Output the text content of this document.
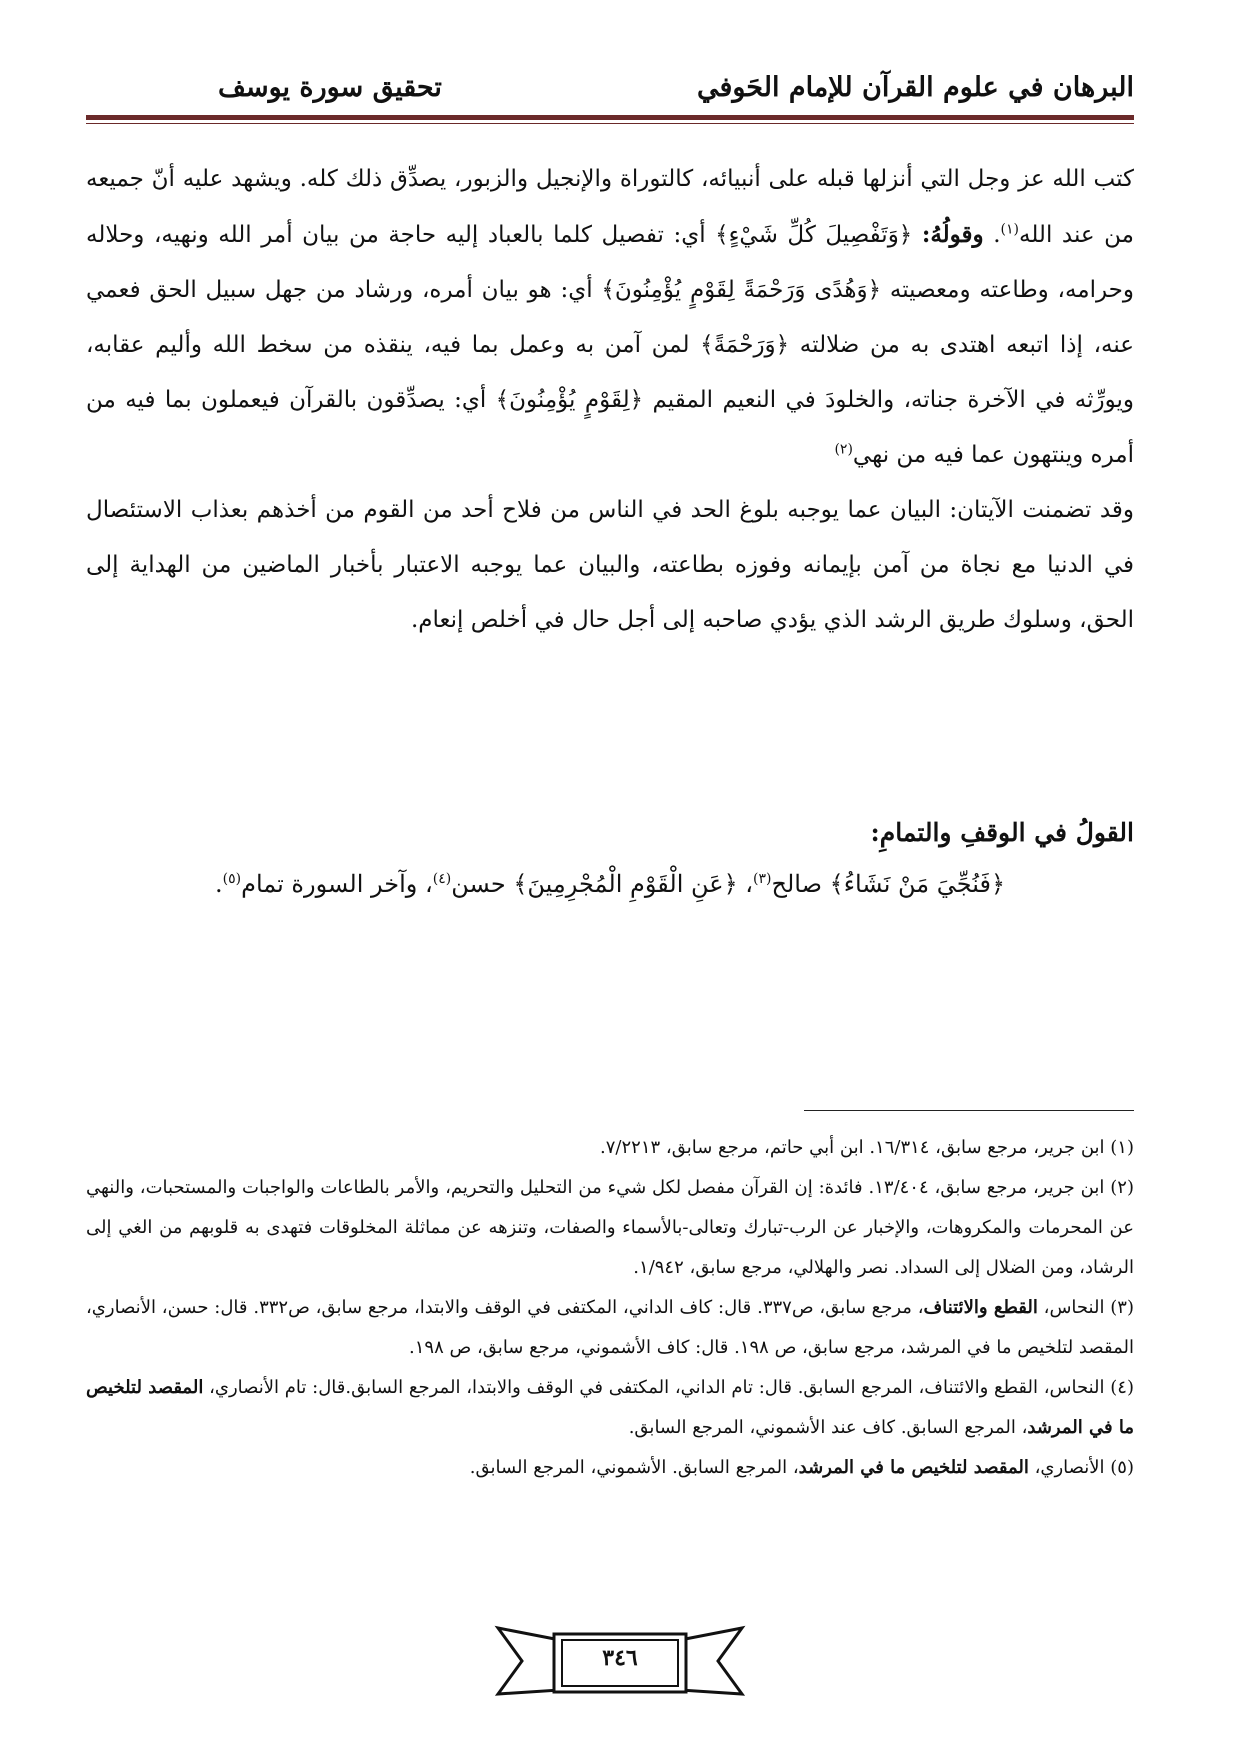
البرهان في علوم القرآن للإمام الحَوفي
تحقيق سورة يوسف

كتب الله عز وجل التي أنزلها قبله على أنبيائه، كالتوراة والإنجيل والزبور، يصدِّق ذلك كله. ويشهد عليه أنّ جميعه من عند الله$^{(١)}$. وقولُهُ: ﴿وَتَفْصِيلَ كُلِّ شَيْءٍ﴾ أي: تفصيل كلما بالعباد إليه حاجة من بيان أمر الله ونهيه، وحلاله وحرامه، وطاعته ومعصيته ﴿وَهُدًى وَرَحْمَةً لِقَوْمٍ يُؤْمِنُونَ﴾ أي: هو بيان أمره، ورشاد من جهل سبيل الحق فعمي عنه، إذا اتبعه اهتدى به من ضلالته ﴿وَرَحْمَةً﴾ لمن آمن به وعمل بما فيه، ينقذه من سخط الله وأليم عقابه، ويورِّثه في الآخرة جناته، والخلودَ في النعيم المقيم ﴿لِقَوْمٍ يُؤْمِنُونَ﴾ أي: يصدِّقون بالقرآن فيعملون بما فيه من أمره وينتهون عما فيه من نهي$^{(٢)}$

وقد تضمنت الآيتان: البيان عما يوجبه بلوغ الحد في الناس من فلاح أحد من القوم من أخذهم بعذاب الاستئصال في الدنيا مع نجاة من آمن بإيمانه وفوزه بطاعته، والبيان عما يوجبه الاعتبار بأخبار الماضين من الهداية إلى الحق، وسلوك طريق الرشد الذي يؤدي صاحبه إلى أجل حال في أخلص إنعام.

القولُ في الوقفِ والتمامِ:
﴿فَنُجِّيَ مَنْ نَشَاءُ﴾ صالح$^{(٣)}$، ﴿عَنِ الْقَوْمِ الْمُجْرِمِينَ﴾ حسن$^{(٤)}$، وآخر السورة تمام$^{(٥)}$.

(١) ابن جرير، مرجع سابق، ١٦/٣١٤. ابن أبي حاتم، مرجع سابق، ٧/٢٢١٣.

(٢) ابن جرير، مرجع سابق، ١٣/٤٠٤. فائدة: إن القرآن مفصل لكل شيء من التحليل والتحريم، والأمر بالطاعات والواجبات والمستحبات، والنهي عن المحرمات والمكروهات، والإخبار عن الرب-تبارك وتعالى-بالأسماء والصفات، وتنزهه عن مماثلة المخلوقات فتهدى به قلوبهم من الغي إلى الرشاد، ومن الضلال إلى السداد. نصر والهلالي، مرجع سابق، ١/٩٤٢.

(٣) النحاس، القطع والائتناف، مرجع سابق، ص٣٣٧. قال: كاف الداني، المكتفى في الوقف والابتدا، مرجع سابق، ص٣٣٢. قال: حسن، الأنصاري، المقصد لتلخيص ما في المرشد، مرجع سابق، ص ١٩٨. قال: كاف الأشموني، مرجع سابق، ص ١٩٨.

(٤) النحاس، القطع والائتناف، المرجع السابق. قال: تام الداني، المكتفى في الوقف والابتدا، المرجع السابق.قال: تام الأنصاري، المقصد لتلخيص ما في المرشد، المرجع السابق. كاف عند الأشموني، المرجع السابق.

(٥) الأنصاري، المقصد لتلخيص ما في المرشد، المرجع السابق. الأشموني، المرجع السابق.

٣٤٦
